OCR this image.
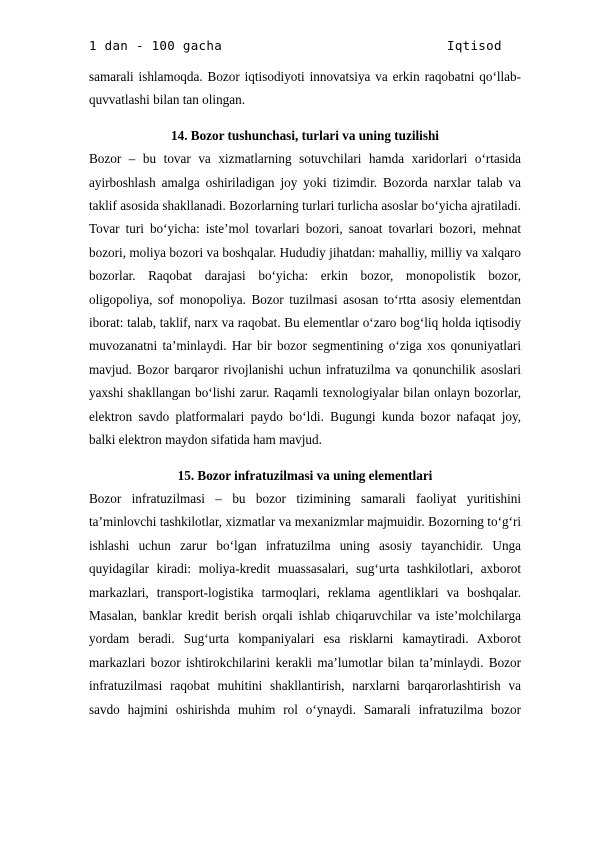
1 dan - 100 gacha	Iqtisod

samarali ishlamoqda. Bozor iqtisodiyoti innovatsiya va erkin raqobatni qo‘llab-quvvatlashi bilan tan olingan.

14. Bozor tushunchasi, turlari va uning tuzilishi

Bozor – bu tovar va xizmatlarning sotuvchilari hamda xaridorlari o‘rtasida ayirboshlash amalga oshiriladigan joy yoki tizimdir. Bozorda narxlar talab va taklif asosida shakllanadi. Bozorlarning turlari turlicha asoslar bo‘yicha ajratiladi. Tovar turi bo‘yicha: iste’mol tovarlari bozori, sanoat tovarlari bozori, mehnat bozori, moliya bozori va boshqalar. Hududiy jihatdan: mahalliy, milliy va xalqaro bozorlar. Raqobat darajasi bo‘yicha: erkin bozor, monopolistik bozor, oligopoliya, sof monopoliya. Bozor tuzilmasi asosan to‘rtta asosiy elementdan iborat: talab, taklif, narx va raqobat. Bu elementlar o‘zaro bog‘liq holda iqtisodiy muvozanatni ta’minlaydi. Har bir bozor segmentining o‘ziga xos qonuniyatlari mavjud. Bozor barqaror rivojlanishi uchun infratuzilma va qonunchilik asoslari yaxshi shakllangan bo‘lishi zarur. Raqamli texnologiyalar bilan onlayn bozorlar, elektron savdo platformalari paydo bo‘ldi. Bugungi kunda bozor nafaqat joy, balki elektron maydon sifatida ham mavjud.

15. Bozor infratuzilmasi va uning elementlari

Bozor infratuzilmasi – bu bozor tizimining samarali faoliyat yuritishini ta’minlovchi tashkilotlar, xizmatlar va mexanizmlar majmuidir. Bozorning to‘g‘ri ishlashi uchun zarur bo‘lgan infratuzilma uning asosiy tayanchidir. Unga quyidagilar kiradi: moliya-kredit muassasalari, sug‘urta tashkilotlari, axborot markazlari, transport-logistika tarmoqlari, reklama agentliklari va boshqalar. Masalan, banklar kredit berish orqali ishlab chiqaruvchilar va iste’molchilarga yordam beradi. Sug‘urta kompaniyalari esa risklarni kamaytiradi. Axborot markazlari bozor ishtirokchilarini kerakli ma’lumotlar bilan ta’minlaydi. Bozor infratuzilmasi raqobat muhitini shakllantirish, narxlarni barqarorlashtirish va savdo hajmini oshirishda muhim rol o‘ynaydi. Samarali infratuzilma bozor
